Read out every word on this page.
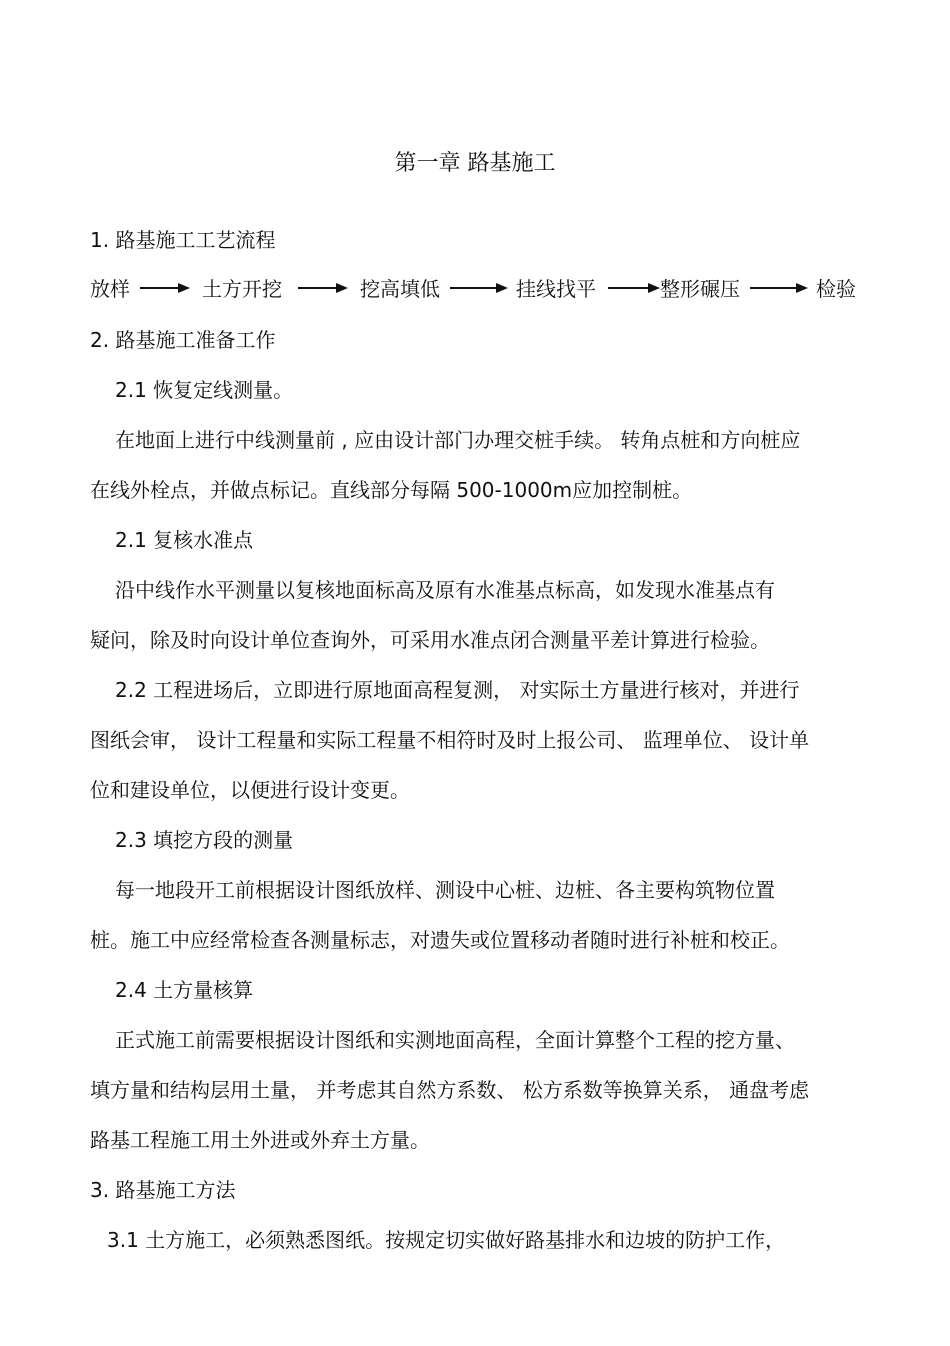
第一章 路基施工
1. 路基施工工艺流程
放样	土方开挖	挖高填低	挂线找平	整形碾压	检验
2. 路基施工准备工作
2.1 恢复定线测量。
在地面上进行中线测量前 , 应由设计部门办理交桩手续。 转角点桩和方向桩应
在线外栓点，并做点标记。直线部分每隔 500-1000m应加控制桩。
2.1 复核水准点
沿中线作水平测量以复核地面标高及原有水准基点标高，如发现水准基点有
疑问，除及时向设计单位查询外，可采用水准点闭合测量平差计算进行检验。
2.2 工程进场后，立即进行原地面高程复测， 对实际土方量进行核对，并进行
图纸会审， 设计工程量和实际工程量不相符时及时上报公司、 监理单位、 设计单
位和建设单位，以便进行设计变更。
2.3 填挖方段的测量
每一地段开工前根据设计图纸放样、测设中心桩、边桩、各主要构筑物位置
桩。施工中应经常检查各测量标志，对遗失或位置移动者随时进行补桩和校正。
2.4 土方量核算
正式施工前需要根据设计图纸和实测地面高程，全面计算整个工程的挖方量、
填方量和结构层用土量， 并考虑其自然方系数、 松方系数等换算关系， 通盘考虑
路基工程施工用土外进或外弃土方量。
3. 路基施工方法
3.1 土方施工，必须熟悉图纸。按规定切实做好路基排水和边坡的防护工作，
